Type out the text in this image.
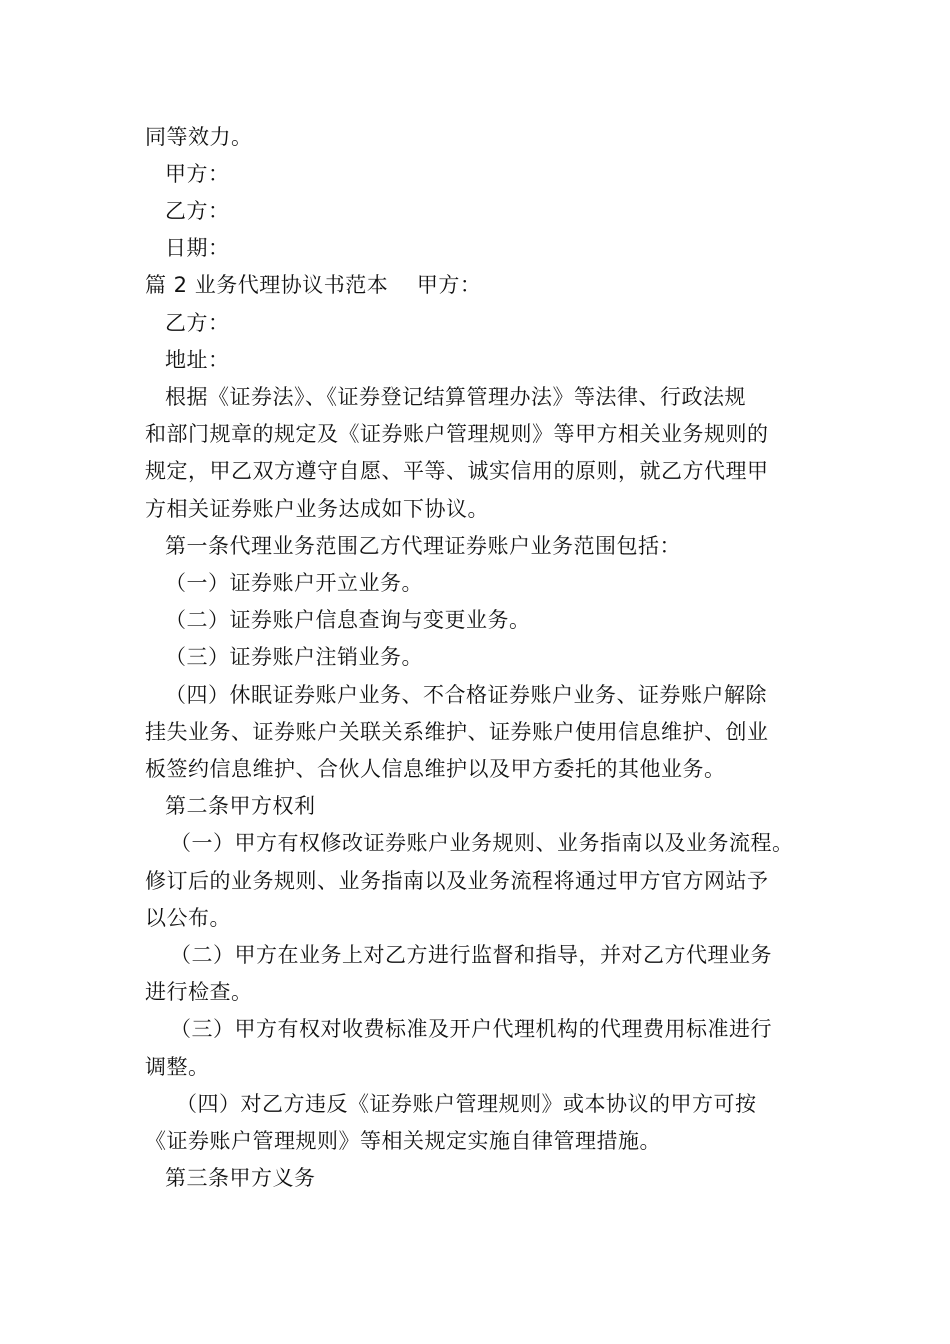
同等效力。
甲方：
乙方：
日期：
篇 2 业务代理协议书范本　 甲方：
乙方：
地址：
根据《证券法》、《证券登记结算管理办法》等法律、行政法规
和部门规章的规定及《证券账户管理规则》等甲方相关业务规则的
规定，甲乙双方遵守自愿、平等、诚实信用的原则，就乙方代理甲
方相关证券账户业务达成如下协议。
第一条代理业务范围乙方代理证券账户业务范围包括：
（一）证券账户开立业务。
（二）证券账户信息查询与变更业务。
（三）证券账户注销业务。
（四）休眠证券账户业务、不合格证券账户业务、证券账户解除
挂失业务、证券账户关联关系维护、证券账户使用信息维护、创业
板签约信息维护、合伙人信息维护以及甲方委托的其他业务。
第二条甲方权利
（一）甲方有权修改证券账户业务规则、业务指南以及业务流程。
修订后的业务规则、业务指南以及业务流程将通过甲方官方网站予
以公布。
（二）甲方在业务上对乙方进行监督和指导，并对乙方代理业务
进行检查。
（三）甲方有权对收费标准及开户代理机构的代理费用标准进行
调整。
（四）对乙方违反《证券账户管理规则》或本协议的甲方可按
《证券账户管理规则》等相关规定实施自律管理措施。
第三条甲方义务
